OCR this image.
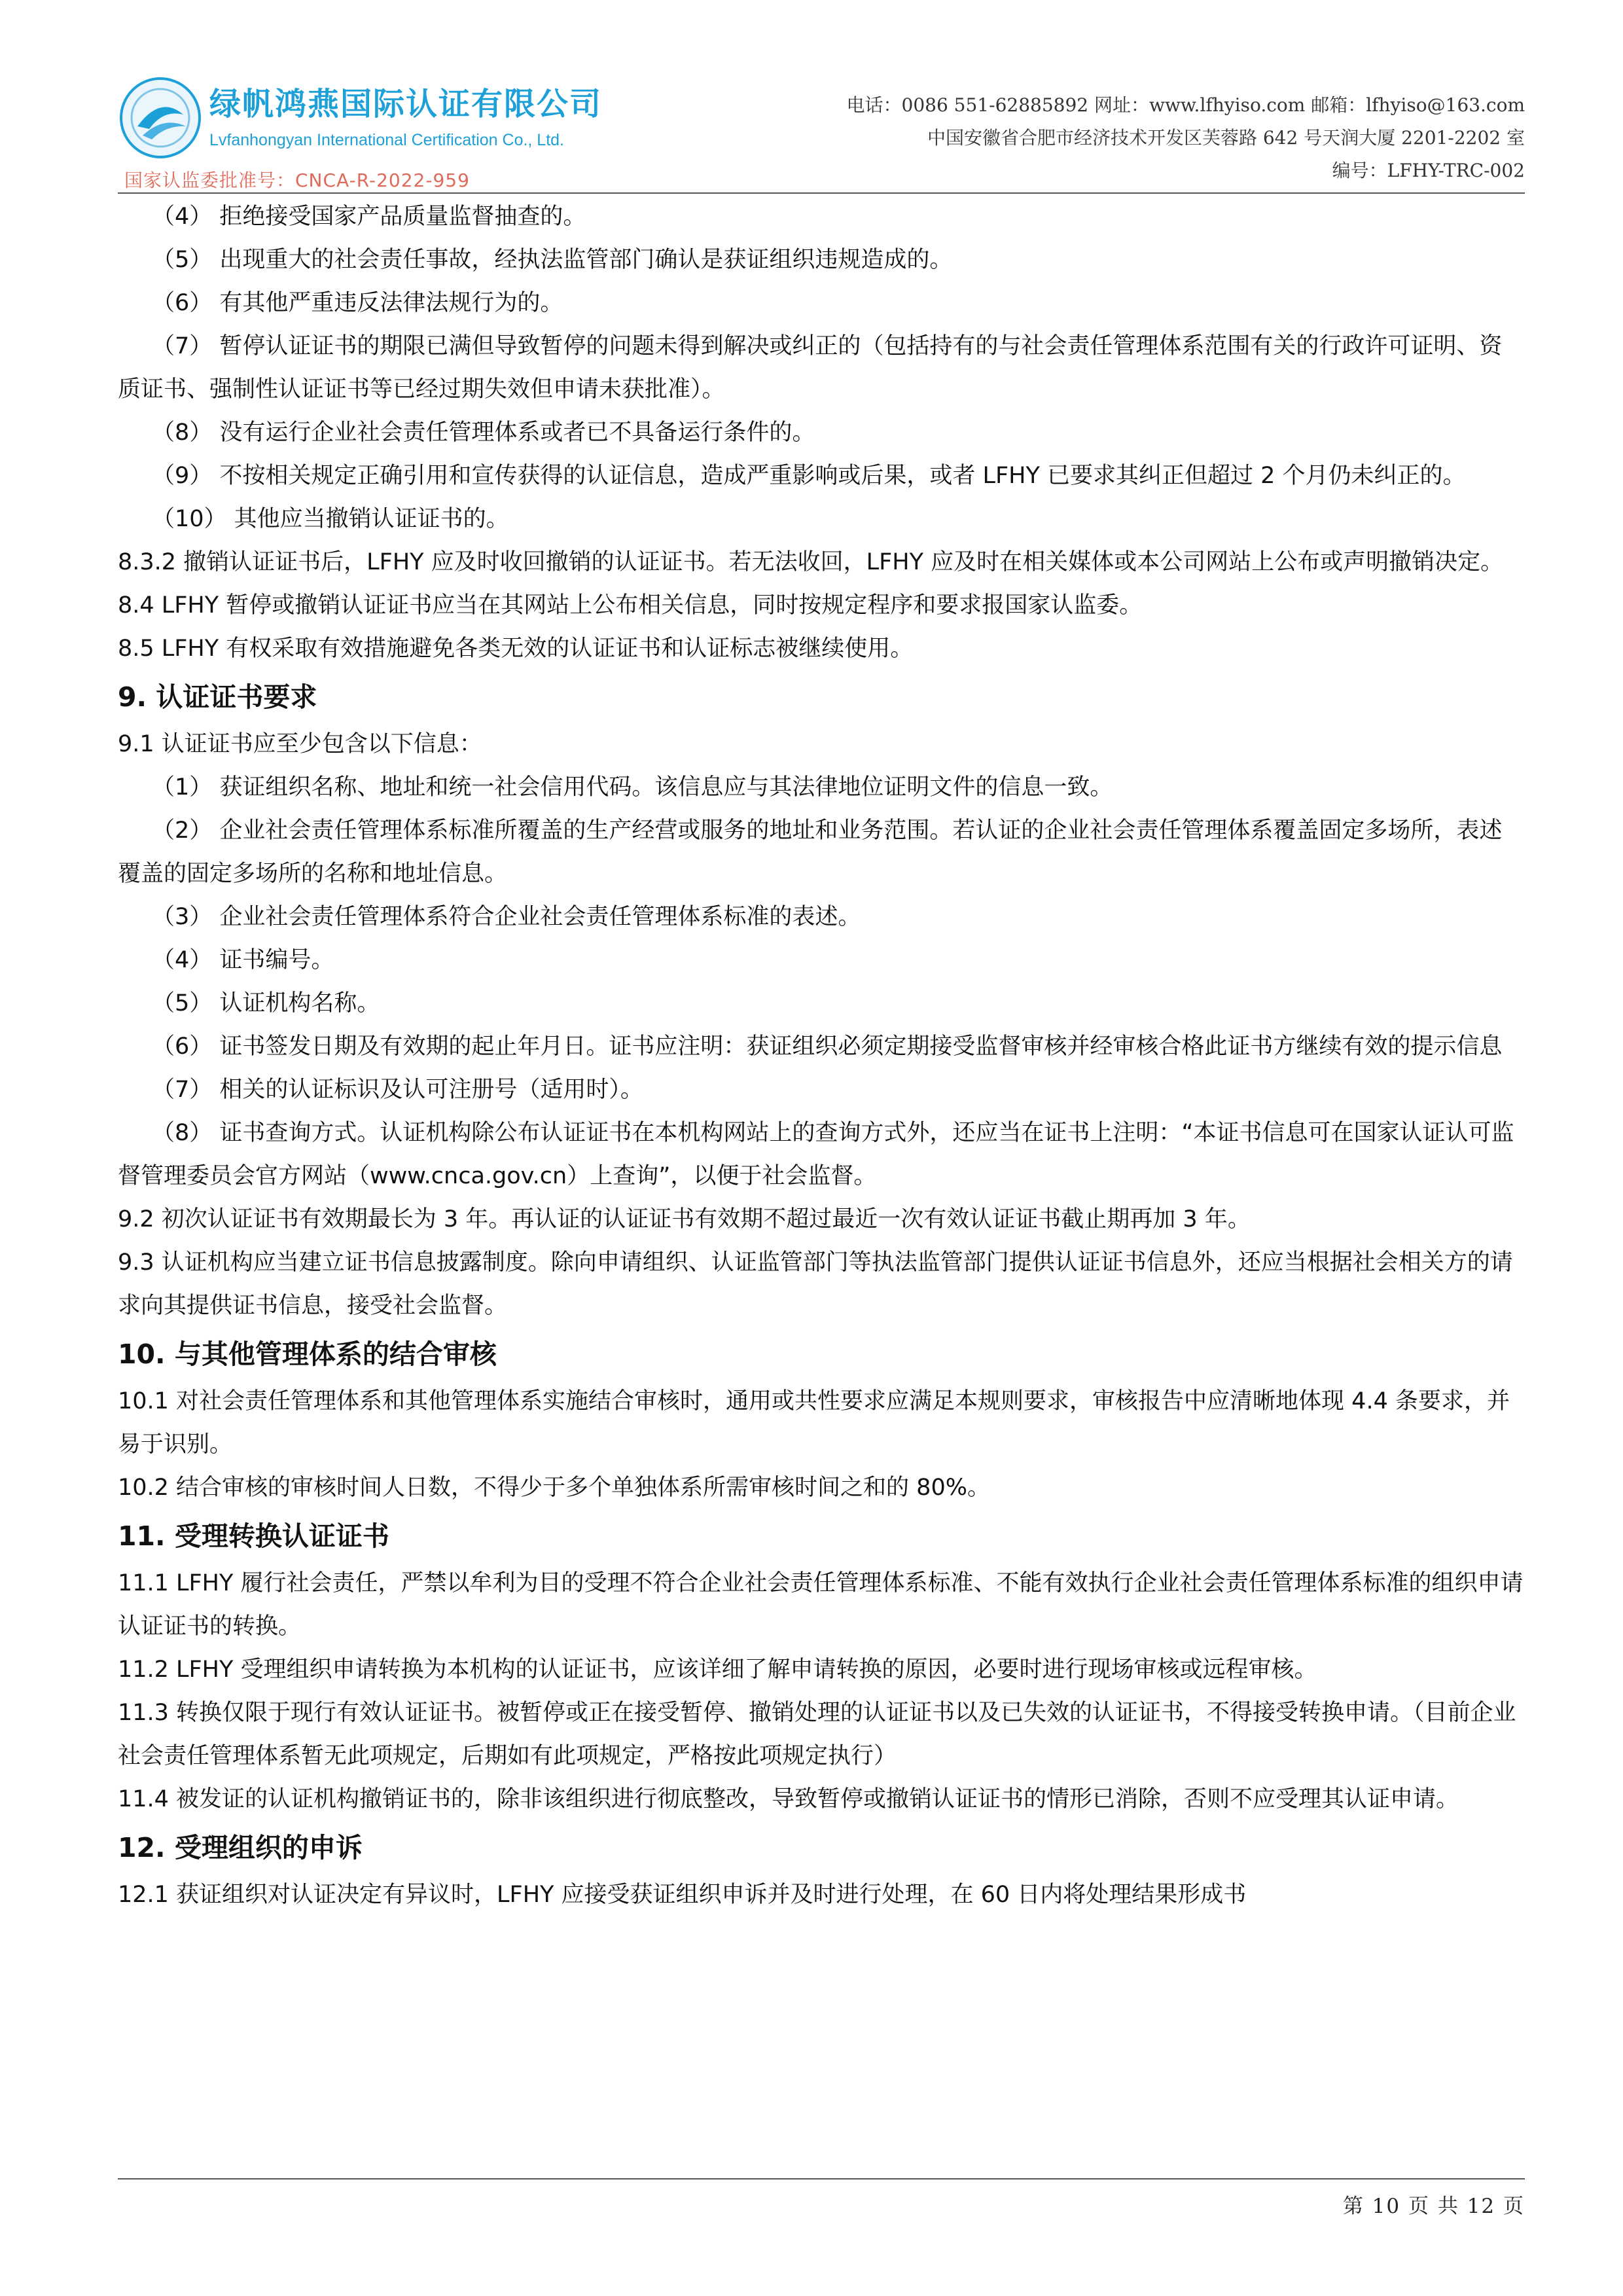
绿帆鸿燕国际认证有限公司
Lvfanhongyan International Certification Co., Ltd.
国家认监委批准号：CNCA-R-2022-959
电话：0086 551-62885892 网址：www.lfhyiso.com 邮箱：lfhyiso@163.com
中国安徽省合肥市经济技术开发区芙蓉路 642 号天润大厦 2201-2202 室
编号：LFHY-TRC-002

（4） 拒绝接受国家产品质量监督抽查的。

（5） 出现重大的社会责任事故，经执法监管部门确认是获证组织违规造成的。

（6） 有其他严重违反法律法规行为的。

（7） 暂停认证证书的期限已满但导致暂停的问题未得到解决或纠正的（包括持有的与社会责任管理体系范围有关的行政许可证明、资质证书、强制性认证证书等已经过期失效但申请未获批准）。

（8） 没有运行企业社会责任管理体系或者已不具备运行条件的。

（9） 不按相关规定正确引用和宣传获得的认证信息，造成严重影响或后果，或者 LFHY 已要求其纠正但超过 2 个月仍未纠正的。

（10） 其他应当撤销认证证书的。

8.3.2 撤销认证证书后，LFHY 应及时收回撤销的认证证书。若无法收回，LFHY 应及时在相关媒体或本公司网站上公布或声明撤销决定。

8.4 LFHY 暂停或撤销认证证书应当在其网站上公布相关信息，同时按规定程序和要求报国家认监委。

8.5 LFHY 有权采取有效措施避免各类无效的认证证书和认证标志被继续使用。

9. 认证证书要求

9.1 认证证书应至少包含以下信息：

（1） 获证组织名称、地址和统一社会信用代码。该信息应与其法律地位证明文件的信息一致。

（2） 企业社会责任管理体系标准所覆盖的生产经营或服务的地址和业务范围。若认证的企业社会责任管理体系覆盖固定多场所，表述覆盖的固定多场所的名称和地址信息。

（3） 企业社会责任管理体系符合企业社会责任管理体系标准的表述。

（4） 证书编号。

（5） 认证机构名称。

（6） 证书签发日期及有效期的起止年月日。证书应注明：获证组织必须定期接受监督审核并经审核合格此证书方继续有效的提示信息

（7） 相关的认证标识及认可注册号（适用时）。

（8） 证书查询方式。认证机构除公布认证证书在本机构网站上的查询方式外，还应当在证书上注明：“本证书信息可在国家认证认可监督管理委员会官方网站（www.cnca.gov.cn）上查询”，以便于社会监督。

9.2 初次认证证书有效期最长为 3 年。再认证的认证证书有效期不超过最近一次有效认证证书截止期再加 3 年。

9.3 认证机构应当建立证书信息披露制度。除向申请组织、认证监管部门等执法监管部门提供认证证书信息外，还应当根据社会相关方的请求向其提供证书信息，接受社会监督。

10. 与其他管理体系的结合审核

10.1 对社会责任管理体系和其他管理体系实施结合审核时，通用或共性要求应满足本规则要求，审核报告中应清晰地体现 4.4 条要求，并易于识别。

10.2 结合审核的审核时间人日数，不得少于多个单独体系所需审核时间之和的 80%。

11. 受理转换认证证书

11.1 LFHY 履行社会责任，严禁以牟利为目的受理不符合企业社会责任管理体系标准、不能有效执行企业社会责任管理体系标准的组织申请认证证书的转换。

11.2 LFHY 受理组织申请转换为本机构的认证证书，应该详细了解申请转换的原因，必要时进行现场审核或远程审核。

11.3 转换仅限于现行有效认证证书。被暂停或正在接受暂停、撤销处理的认证证书以及已失效的认证证书，不得接受转换申请。（目前企业社会责任管理体系暂无此项规定，后期如有此项规定，严格按此项规定执行）

11.4 被发证的认证机构撤销证书的，除非该组织进行彻底整改，导致暂停或撤销认证证书的情形已消除，否则不应受理其认证申请。

12. 受理组织的申诉

12.1 获证组织对认证决定有异议时，LFHY 应接受获证组织申诉并及时进行处理，在 60 日内将处理结果形成书

第 10 页 共 12 页
